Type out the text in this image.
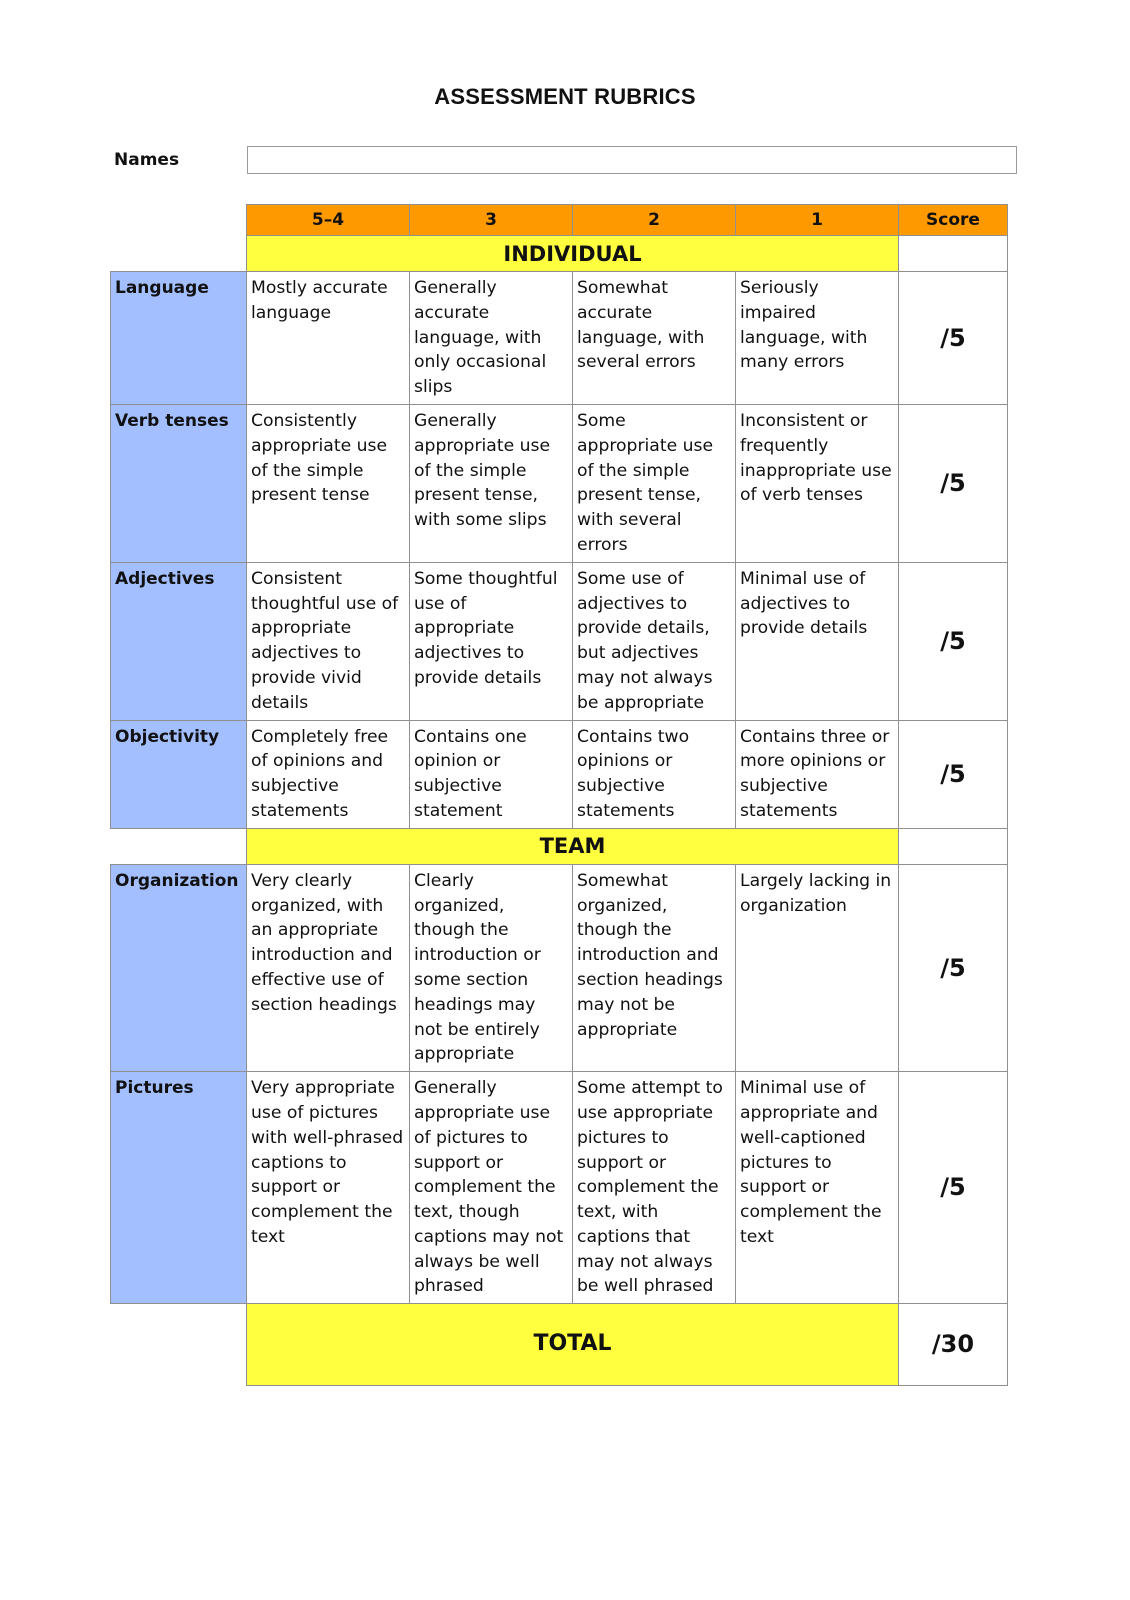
ASSESSMENT RUBRICS
Names
	5–4	3	2	1	Score
	INDIVIDUAL				
Language	Mostly accurate language	Generally accurate language, with only occasional slips	Somewhat accurate language, with several errors	Seriously impaired language, with many errors	/5
Verb tenses	Consistently appropriate use of the simple present tense	Generally appropriate use of the simple present tense, with some slips	Some appropriate use of the simple present tense, with several errors	Inconsistent or frequently inappropriate use of verb tenses	/5
Adjectives	Consistent thoughtful use of appropriate adjectives to provide vivid details	Some thoughtful use of appropriate adjectives to provide details	Some use of adjectives to provide details, but adjectives may not always be appropriate	Minimal use of adjectives to provide details	/5
Objectivity	Completely free of opinions and subjective statements	Contains one opinion or subjective statement	Contains two opinions or subjective statements	Contains three or more opinions or subjective statements	/5
	TEAM				
Organization	Very clearly organized, with an appropriate introduction and effective use of section headings	Clearly organized, though the introduction or some section headings may not be entirely appropriate	Somewhat organized, though the introduction and section headings may not be appropriate	Largely lacking in organization	/5
Pictures	Very appropriate use of pictures with well-phrased captions to support or complement the text	Generally appropriate use of pictures to support or complement the text, though captions may not always be well phrased	Some attempt to use appropriate pictures to support or complement the text, with captions that may not always be well phrased	Minimal use of appropriate and well-captioned pictures to support or complement the text	/5
	TOTAL				/30
